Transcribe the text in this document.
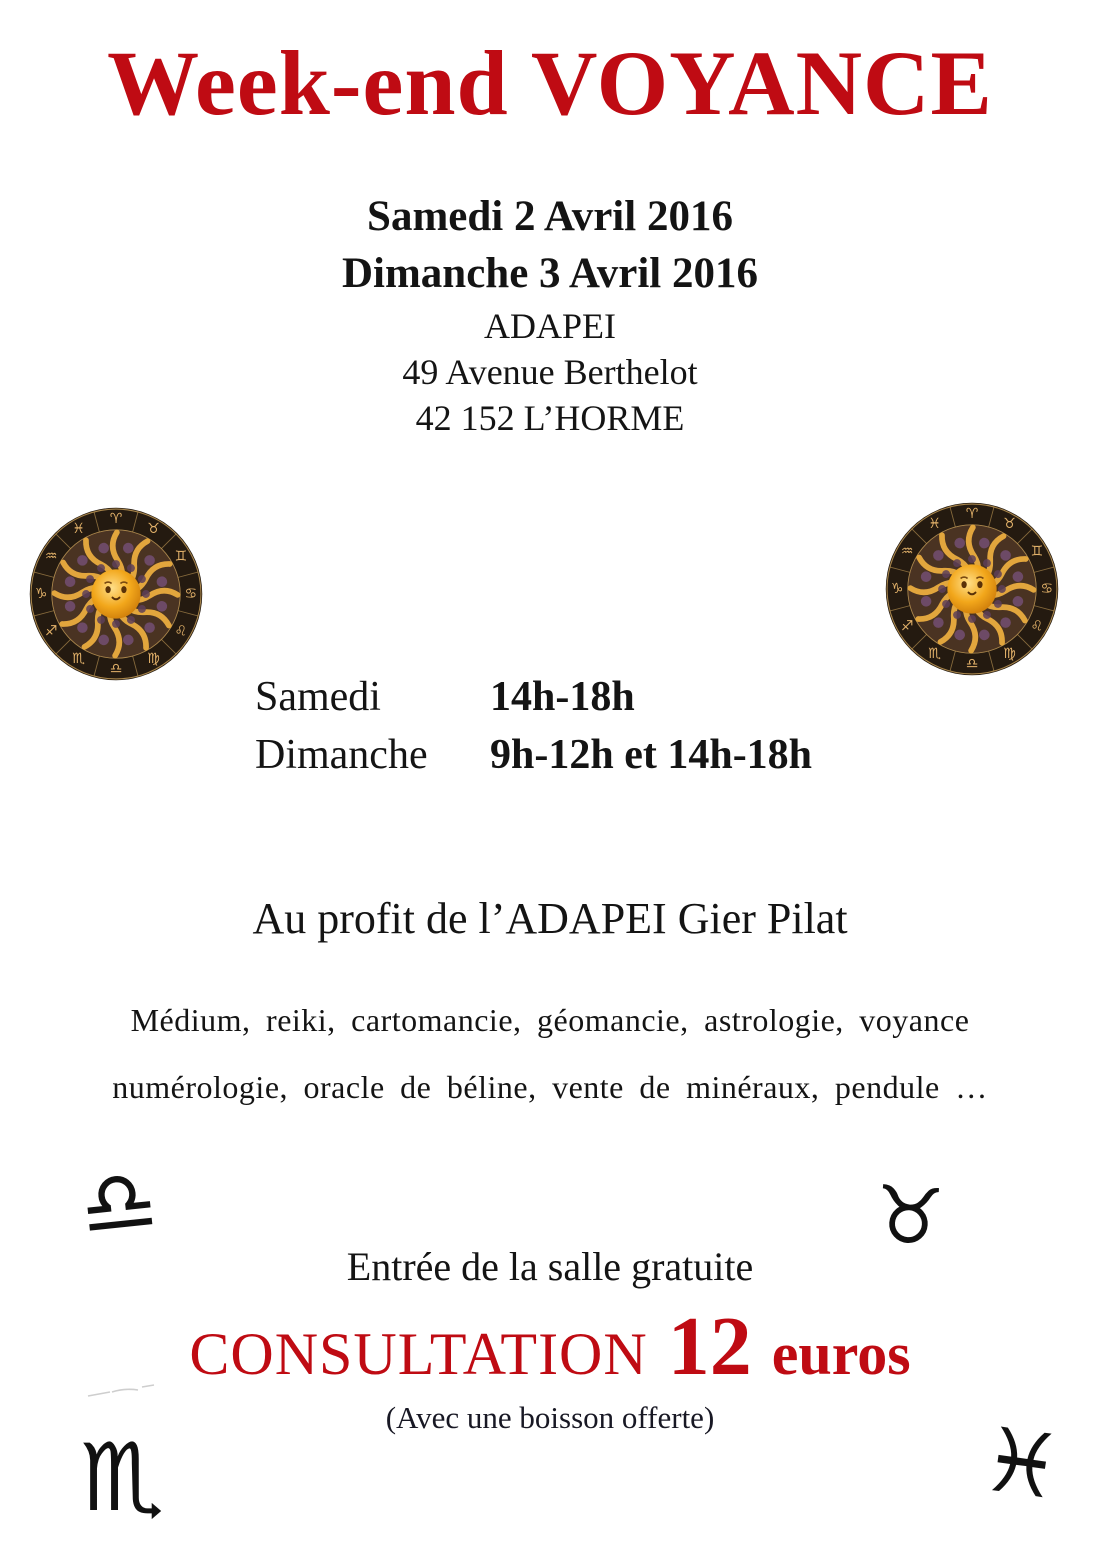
Week-end VOYANCE
Samedi 2 Avril 2016
Dimanche 3 Avril 2016
ADAPEI
49 Avenue Berthelot
42 152 L’HORME
♈
♉
♊
♋
♌
♍
♎
♏
♐
♑
♒
♓
♈
♉
♊
♋
♌
♍
♎
♏
♐
♑
♒
♓
Samedi	14h-18h
Dimanche	9h-12h et 14h-18h
Au profit de l’ADAPEI Gier Pilat
Médium, reiki, cartomancie, géomancie, astrologie, voyance
numérologie, oracle de béline, vente de minéraux, pendule …
♎	♉
Entrée de la salle gratuite
CONSULTATION 12 euros
(Avec une boisson offerte)
♏	♓
